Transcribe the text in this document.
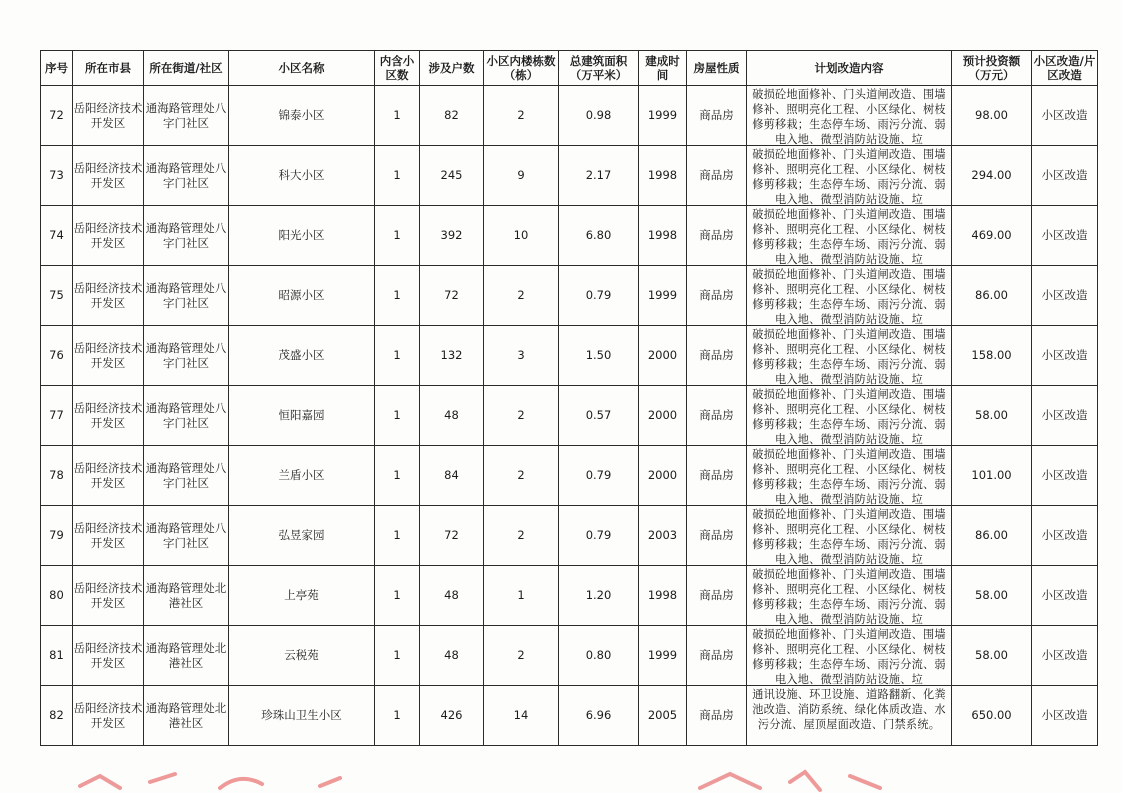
序号	所在市县	所在街道/社区	小区名称	内含小区数	涉及户数	小区内楼栋数（栋）	总建筑面积（万平米）	建成时间	房屋性质	计划改造内容	预计投资额（万元）	小区改造/片区改造
72	岳阳经济技术开发区	通海路管理处八字门社区	锦泰小区	1	82	2	0.98	1999	商品房	破损砼地面修补、门头道闸改造、围墙修补、照明亮化工程、小区绿化、树枝修剪移栽；生态停车场、雨污分流、弱电入地、微型消防站设施、垃	98.00	小区改造
73	岳阳经济技术开发区	通海路管理处八字门社区	科大小区	1	245	9	2.17	1998	商品房	破损砼地面修补、门头道闸改造、围墙修补、照明亮化工程、小区绿化、树枝修剪移栽；生态停车场、雨污分流、弱电入地、微型消防站设施、垃	294.00	小区改造
74	岳阳经济技术开发区	通海路管理处八字门社区	阳光小区	1	392	10	6.80	1998	商品房	破损砼地面修补、门头道闸改造、围墙修补、照明亮化工程、小区绿化、树枝修剪移栽；生态停车场、雨污分流、弱电入地、微型消防站设施、垃	469.00	小区改造
75	岳阳经济技术开发区	通海路管理处八字门社区	昭源小区	1	72	2	0.79	1999	商品房	破损砼地面修补、门头道闸改造、围墙修补、照明亮化工程、小区绿化、树枝修剪移栽；生态停车场、雨污分流、弱电入地、微型消防站设施、垃	86.00	小区改造
76	岳阳经济技术开发区	通海路管理处八字门社区	茂盛小区	1	132	3	1.50	2000	商品房	破损砼地面修补、门头道闸改造、围墙修补、照明亮化工程、小区绿化、树枝修剪移栽；生态停车场、雨污分流、弱电入地、微型消防站设施、垃	158.00	小区改造
77	岳阳经济技术开发区	通海路管理处八字门社区	恒阳嘉园	1	48	2	0.57	2000	商品房	破损砼地面修补、门头道闸改造、围墙修补、照明亮化工程、小区绿化、树枝修剪移栽；生态停车场、雨污分流、弱电入地、微型消防站设施、垃	58.00	小区改造
78	岳阳经济技术开发区	通海路管理处八字门社区	兰盾小区	1	84	2	0.79	2000	商品房	破损砼地面修补、门头道闸改造、围墙修补、照明亮化工程、小区绿化、树枝修剪移栽；生态停车场、雨污分流、弱电入地、微型消防站设施、垃	101.00	小区改造
79	岳阳经济技术开发区	通海路管理处八字门社区	弘昱家园	1	72	2	0.79	2003	商品房	破损砼地面修补、门头道闸改造、围墙修补、照明亮化工程、小区绿化、树枝修剪移栽；生态停车场、雨污分流、弱电入地、微型消防站设施、垃	86.00	小区改造
80	岳阳经济技术开发区	通海路管理处北港社区	上亭苑	1	48	1	1.20	1998	商品房	破损砼地面修补、门头道闸改造、围墙修补、照明亮化工程、小区绿化、树枝修剪移栽；生态停车场、雨污分流、弱电入地、微型消防站设施、垃	58.00	小区改造
81	岳阳经济技术开发区	通海路管理处北港社区	云税苑	1	48	2	0.80	1999	商品房	破损砼地面修补、门头道闸改造、围墙修补、照明亮化工程、小区绿化、树枝修剪移栽；生态停车场、雨污分流、弱电入地、微型消防站设施、垃	58.00	小区改造
82	岳阳经济技术开发区	通海路管理处北港社区	珍珠山卫生小区	1	426	14	6.96	2005	商品房	通讯设施、环卫设施、道路翻新、化粪池改造、消防系统、绿化体质改造、水污分流、屋顶屋面改造、门禁系统。	650.00	小区改造
